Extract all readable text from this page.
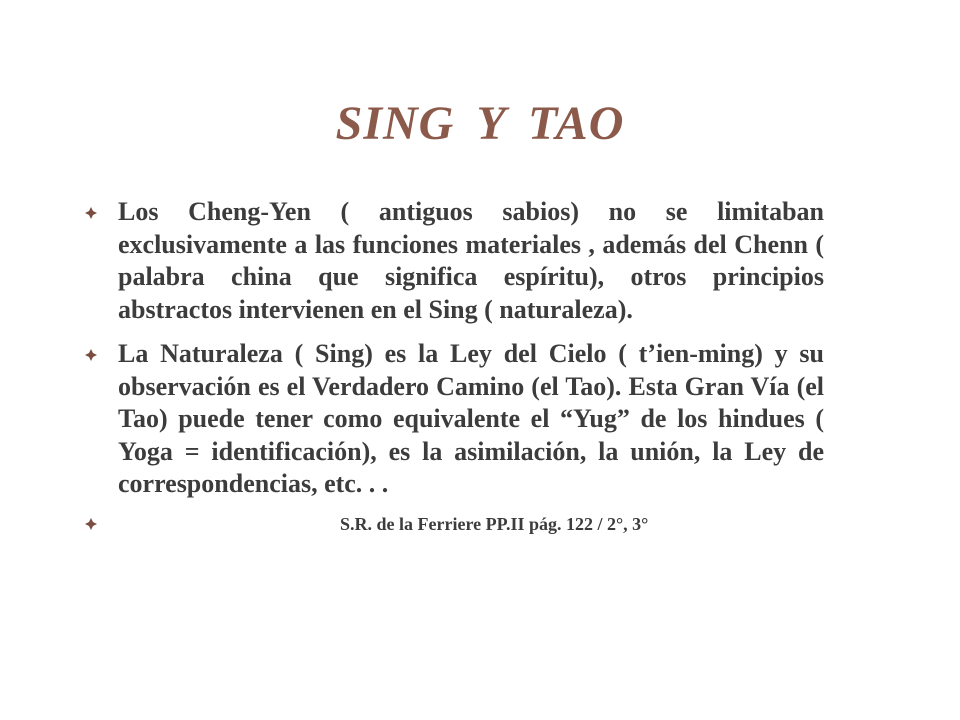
SING Y TAO
Los Cheng-Yen ( antiguos sabios) no se limitaban exclusivamente a las funciones materiales , además del Chenn ( palabra china que significa espíritu), otros principios abstractos intervienen en el Sing ( naturaleza).
La Naturaleza ( Sing) es la Ley del Cielo ( t’ien-ming) y su observación es el Verdadero Camino (el Tao). Esta Gran Vía (el Tao) puede tener como equivalente el “Yug” de los hindues ( Yoga = identificación), es la asimilación, la unión, la Ley de correspondencias, etc. . .
S.R. de la Ferriere PP.II pág. 122 / 2°, 3°
